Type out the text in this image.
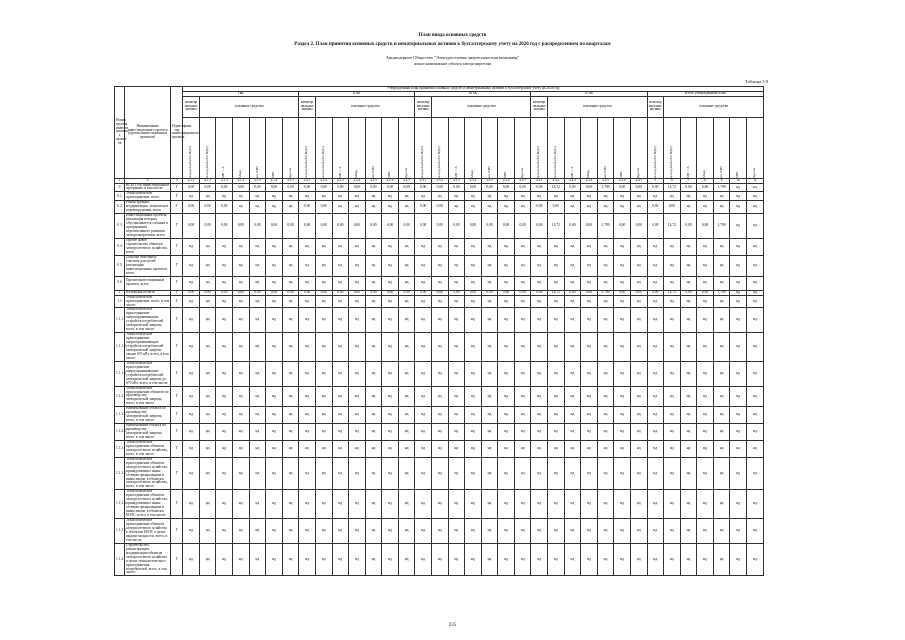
План ввода основных средств
Раздел 2. План принятия основных средств и нематериальных активов к бухгалтерскому учету на 2026 год с распределением по кварталам
Акционерное Общество "Электросетевая энергетическая компания"
полное наименование субъекта электроэнергетики
Таблица 3.9
Номер группы инвести ционны х проект ов	Наименование инвестиционного проекта (группы инвестиционных проектов)	Идентифика тор инвестиционного проекта	Утвержденный план принятия основных средств и нематериальных активов к бухгалтерскому учету на 2026 год																																		
			I кв.							II кв.							III кв.							IV кв.							Итого утвержденный план						
			нематер иальные активы	основные средства						нематер иальные активы	основные средства						нематер иальные активы	основные средства						нематер иальные активы	основные средства						нематер иальные активы	основные средства					

			млн рублей (без НДС)	млн рублей (без НДС)	МВ×А	Мвар	км ЛЭП	МВт	Другое	млн рублей (без НДС)	млн рублей (без НДС)	МВ×А	Мвар	км ЛЭП	МВт	Другое	млн рублей (без НДС)	млн рублей (без НДС)	МВ×А	Мвар	км ЛЭП	МВт	Другое	млн рублей (без НДС)	млн рублей (без НДС)	МВ×А	Мвар	км ЛЭП	МВт	Другое	млн рублей (без НДС)	млн рублей (без НДС)	МВ×А	Мвар	км ЛЭП	МВт	Другое

1	2	3	4.1.1	4.1.2	4.1.3	4.1.4	4.1.5	4.1.6	4.1.7	4.2.1	4.2.2	4.2.3	4.2.4	4.2.5	4.2.6	4.2.7	4.3.1	4.3.2	4.3.3	4.3.4	4.3.5	4.3.6	4.3.7	4.4.1	4.4.2	4.4.3	4.4.4	4.4.5	4.4.6	4.4.7	5	6	7	8	9	10	11
0	ВСЕГО по инвестиционной программе, в том числе:	Г	0,00	0,00	0,00	0,00	0,00	0,00	0,00	0,00	0,00	0,00	0,00	0,00	0,00	0,00	0,00	0,00	0,00	0,00	0,00	0,00	0,00	0,00	14,72	0,00	0,00	1,789	0,00	0,00	0,00	14,72	0,00	0,00	1,789	нд	нд
0.1	Технологическое присоединение, всего	Г	нд	нд	нд	нд	нд	нд	нд	нд	нд	нд	нд	нд	нд	нд	нд	нд	нд	нд	нд	нд	нд	нд	нд	нд	нд	нд	нд	нд	нд	нд	нд	нд	нд	нд	нд
0.2	Реконструкция, модернизация, техническое перевооружение, всего	Г	0,00	0,00	0,00	нд	нд	нд	нд	0,00	0,00	нд	нд	нд	нд	нд	0,00	0,00	нд	нд	нд	нд	нд	0,00	0,00	нд	нд	нд	нд	нд	0,00	0,00	нд	нд	нд	нд	нд
0.3	Инвестиционные проекты, реализация которых обуславливается схемами и программами перспективного развития электроэнергетики, всего	Г	0,00	0,00	0,00	0,00	0,00	0,00	0,00	0,00	0,00	0,00	0,00	0,00	0,00	0,00	0,00	0,00	0,00	0,00	0,00	0,00	0,00	0,00	14,72	0,00	0,00	1,789	0,00	0,00	0,00	14,72	0,00	0,00	1,789	нд	нд
0.4	Прочее новое строительство объектов электросетевого хозяйства, всего	Г	нд	нд	нд	нд	нд	нд	нд	нд	нд	нд	нд	нд	нд	нд	нд	нд	нд	нд	нд	нд	нд	нд	нд	нд	нд	нд	нд	нд	нд	нд	нд	нд	нд	нд	нд
0.5	Покупка земельных участков для целей реализации инвестиционных проектов, всего	Г	нд	нд	нд	нд	нд	нд	нд	нд	нд	нд	нд	нд	нд	нд	нд	нд	нд	нд	нд	нд	нд	нд	нд	нд	нд	нд	нд	нд	нд	нд	нд	нд	нд	нд	нд
0.6	Прочие инвестиционные проекты, всего	Г	нд	нд	нд	нд	нд	нд	нд	нд	нд	нд	нд	нд	нд	нд	нд	нд	нд	нд	нд	нд	нд	нд	нд	нд	нд	нд	нд	нд	нд	нд	нд	нд	нд	нд	нд
1	Калужская область	Г	0,00	0,00	0,00	0,00	0,00	0,00	0,00	0,00	0,00	0,00	0,00	0,00	0,00	0,00	0,00	0,00	0,00	0,00	0,00	0,00	0,00	0,00	14,72	0,00	0,00	1,789	0,00	0,00	0,00	14,72	0,00	0,00	1,789	нд	нд
1.1	Технологическое присоединение, всего, в том числе:	Г	нд	нд	нд	нд	нд	нд	нд	нд	нд	нд	нд	нд	нд	нд	нд	нд	нд	нд	нд	нд	нд	нд	нд	нд	нд	нд	нд	нд	нд	нд	нд	нд	нд	нд	нд
1.1.1	Технологическое присоединение энергопринимающих устройств потребителей электрической энергии, всего, в том числе:	Г	нд	нд	нд	нд	нд	нд	нд	нд	нд	нд	нд	нд	нд	нд	нд	нд	нд	нд	нд	нд	нд	нд	нд	нд	нд	нд	нд	нд	нд	нд	нд	нд	нд	нд	нд
1.1.1.1	Технологическое присоединение энергопринимающих устройств потребителей электрической энергии свыше 670 кВт, всего, в том числе:	Г	нд	нд	нд	нд	нд	нд	нд	нд	нд	нд	нд	нд	нд	нд	нд	нд	нд	нд	нд	нд	нд	нд	нд	нд	нд	нд	нд	нд	нд	нд	нд	нд	нд	нд	нд
1.1.1.2	Технологическое присоединение энергопринимающих устройств потребителей электрической энергии до 670 кВт, всего, в том числе:	Г	нд	нд	нд	нд	нд	нд	нд	нд	нд	нд	нд	нд	нд	нд	нд	нд	нд	нд	нд	нд	нд	нд	нд	нд	нд	нд	нд	нд	нд	нд	нд	нд	нд	нд	нд
1.1.2	Технологическое присоединение объектов по производству электрической энергии, всего, в том числе:	Г	нд	нд	нд	нд	нд	нд	нд	нд	нд	нд	нд	нд	нд	нд	нд	нд	нд	нд	нд	нд	нд	нд	нд	нд	нд	нд	нд	нд	нд	нд	нд	нд	нд	нд	нд
1.1.2.1	Наименование объекта по производству электрической энергии, всего, в том числе:	Г	нд	нд	нд	нд	нд	нд	нд	нд	нд	нд	нд	нд	нд	нд	нд	нд	нд	нд	нд	нд	нд	нд	нд	нд	нд	нд	нд	нд	нд	нд	нд	нд	нд	нд	нд
1.1.2.2	Наименование объекта по производству электрической энергии, всего, в том числе:	Г	нд	нд	нд	нд	нд	нд	нд	нд	нд	нд	нд	нд	нд	нд	нд	нд	нд	нд	нд	нд	нд	нд	нд	нд	нд	нд	нд	нд	нд	нд	нд	нд	нд	нд	нд
1.1.3	Технологическое присоединение объектов электросетевого хозяйства, всего, в том числе:	Г	нд	нд	нд	нд	нд	нд	нд	нд	нд	нд	нд	нд	нд	нд	нд	нд	нд	нд	нд	нд	нд	нд	нд	нд	нд	нд	нд	нд	нд	нд	нд	нд	нд	нд	нд
1.1.3.1	Технологическое присоединение объектов электросетевого хозяйства, принадлежащих иным сетевым организациям и иным лицам, к объектам электросетевого хозяйства, всего, в том числе:	Г	нд	нд	нд	нд	нд	нд	нд	нд	нд	нд	нд	нд	нд	нд	нд	нд	нд	нд	нд	нд	нд	нд	нд	нд	нд	нд	нд	нд	нд	нд	нд	нд	нд	нд	нд
1.1.3.2	Технологическое присоединение объектов электросетевого хозяйства, принадлежащих иным сетевым организациям и иным лицам, к объектам ЕНЭС, всего, в том числе:	Г	нд	нд	нд	нд	нд	нд	нд	нд	нд	нд	нд	нд	нд	нд	нд	нд	нд	нд	нд	нд	нд	нд	нд	нд	нд	нд	нд	нд	нд	нд	нд	нд	нд	нд	нд
1.1.3.3	Технологическое присоединение объектов электросетевого хозяйства к объектам ЕНЭС в целях выдачи мощности, всего, в том числе:	Г	нд	нд	нд	нд	нд	нд	нд	нд	нд	нд	нд	нд	нд	нд	нд	нд	нд	нд	нд	нд	нд	нд	нд	нд	нд	нд	нд	нд	нд	нд	нд	нд	нд	нд	нд
1.1.4	Строительство, реконструкция, модернизация объектов электросетевого хозяйства в целях технологического присоединения потребителей, всего, в том числе:	Г	нд	нд	нд	нд	нд	нд	нд	нд	нд	нд	нд	нд	нд	нд	нд	нд	нд	нд	нд	нд	нд	нд	нд	нд	нд	нд	нд	нд	нд	нд	нд	нд	нд	нд	нд
335
